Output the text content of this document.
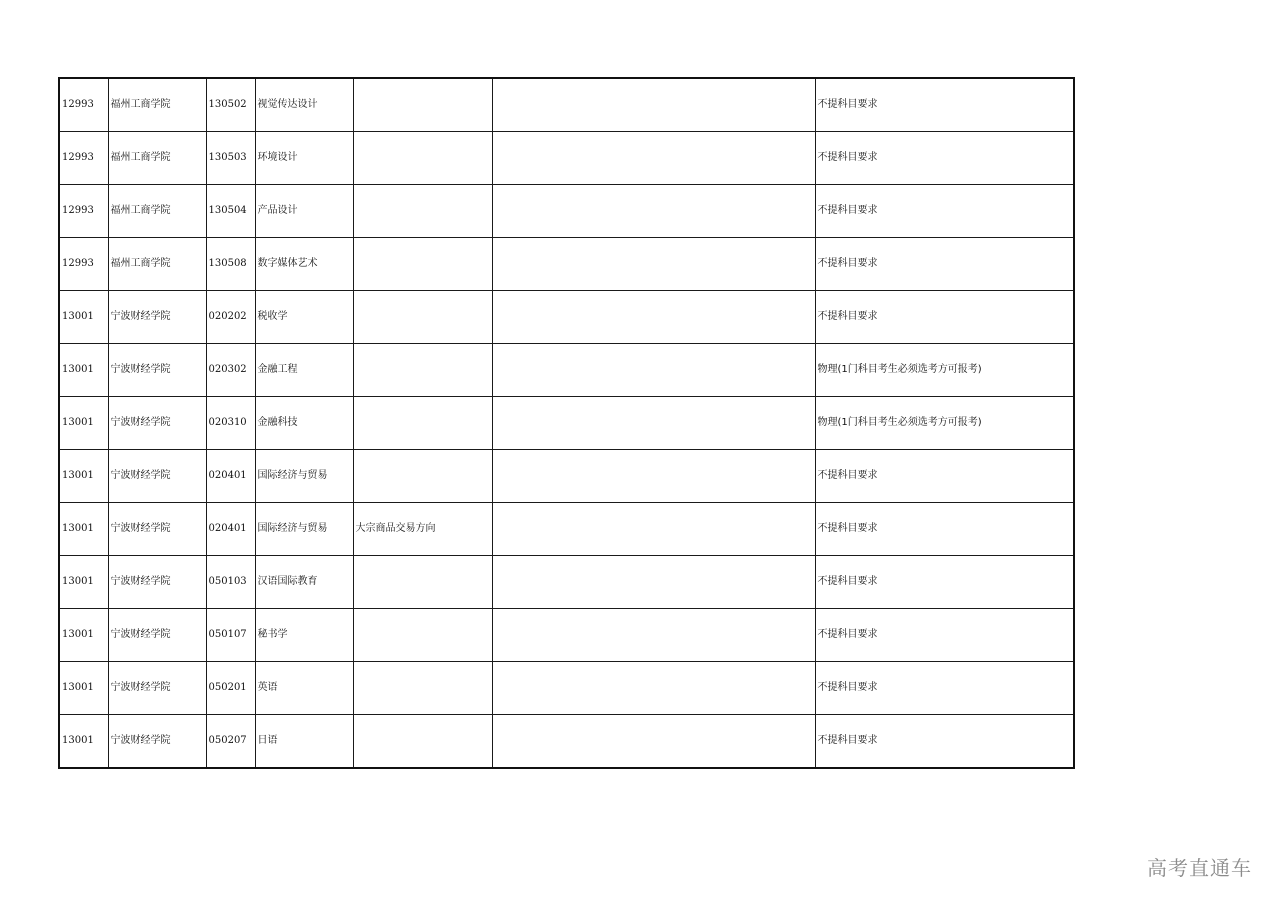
12993	福州工商学院	130502	视觉传达设计			不提科目要求
12993	福州工商学院	130503	环境设计			不提科目要求
12993	福州工商学院	130504	产品设计			不提科目要求
12993	福州工商学院	130508	数字媒体艺术			不提科目要求
13001	宁波财经学院	020202	税收学			不提科目要求
13001	宁波财经学院	020302	金融工程			物理(1门科目考生必须选考方可报考)
13001	宁波财经学院	020310	金融科技			物理(1门科目考生必须选考方可报考)
13001	宁波财经学院	020401	国际经济与贸易			不提科目要求
13001	宁波财经学院	020401	国际经济与贸易	大宗商品交易方向		不提科目要求
13001	宁波财经学院	050103	汉语国际教育			不提科目要求
13001	宁波财经学院	050107	秘书学			不提科目要求
13001	宁波财经学院	050201	英语			不提科目要求
13001	宁波财经学院	050207	日语			不提科目要求
高考直通车
